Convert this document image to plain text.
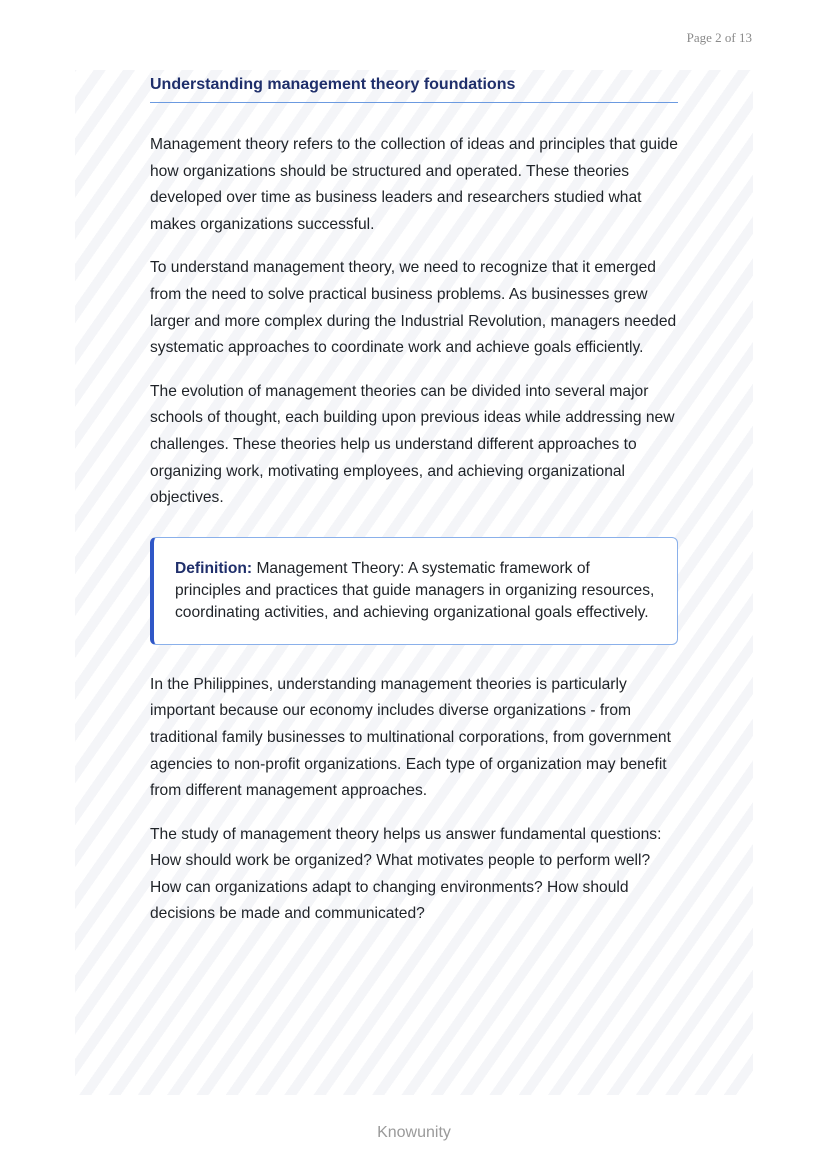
Page 2 of 13
Understanding management theory foundations

Management theory refers to the collection of ideas and principles that guide how organizations should be structured and operated. These theories developed over time as business leaders and researchers studied what makes organizations successful.

To understand management theory, we need to recognize that it emerged from the need to solve practical business problems. As businesses grew larger and more complex during the Industrial Revolution, managers needed systematic approaches to coordinate work and achieve goals efficiently.

The evolution of management theories can be divided into several major schools of thought, each building upon previous ideas while addressing new challenges. These theories help us understand different approaches to organizing work, motivating employees, and achieving organizational objectives.

Definition: Management Theory: A systematic framework of principles and practices that guide managers in organizing resources, coordinating activities, and achieving organizational goals effectively.

In the Philippines, understanding management theories is particularly important because our economy includes diverse organizations - from traditional family businesses to multinational corporations, from government agencies to non-profit organizations. Each type of organization may benefit from different management approaches.

The study of management theory helps us answer fundamental questions: How should work be organized? What motivates people to perform well? How can organizations adapt to changing environments? How should decisions be made and communicated?

Knowunity
